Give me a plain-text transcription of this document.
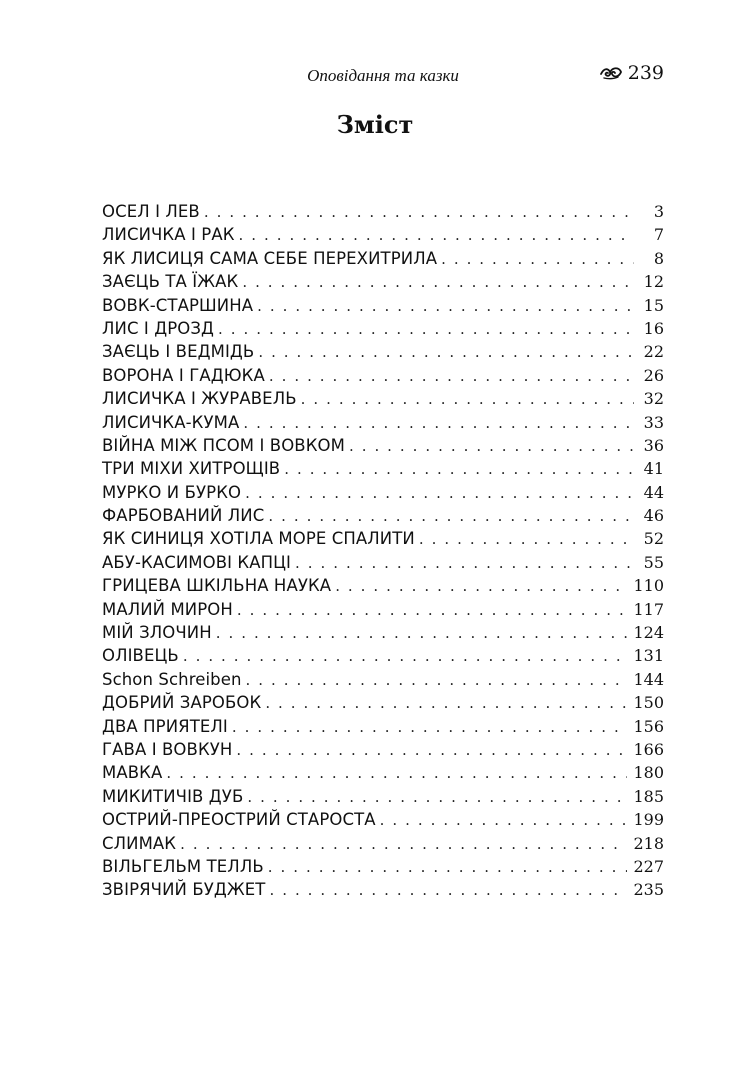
Оповідання та казки	239
Зміст
ОСЕЛ І ЛЕВ . . .	3
ЛИСИЧКА І РАК . . .	7
ЯК ЛИСИЦЯ САМА СЕБЕ ПЕРЕХИТРИЛА . . .	8
ЗАЄЦЬ ТА ЇЖАК . . .	12
ВОВК-СТАРШИНА . . .	15
ЛИС І ДРОЗД . . .	16
ЗАЄЦЬ І ВЕДМІДЬ . . .	22
ВОРОНА І ГАДЮКА . . .	26
ЛИСИЧКА І ЖУРАВЕЛЬ . . .	32
ЛИСИЧКА-КУМА . . .	33
ВІЙНА МІЖ ПСОМ І ВОВКОМ . . .	36
ТРИ МІХИ ХИТРОЩІВ . . .	41
МУРКО И БУРКО . . .	44
ФАРБОВАНИЙ ЛИС . . .	46
ЯК СИНИЦЯ ХОТІЛА МОРЕ СПАЛИТИ . . .	52
АБУ-КАСИМОВІ КАПЦІ . . .	55
ГРИЦЕВА ШКІЛЬНА НАУКА . . .	110
МАЛИЙ МИРОН . . .	117
МІЙ ЗЛОЧИН . . .	124
ОЛІВЕЦЬ . . .	131
Schon Schreiben . . .	144
ДОБРИЙ ЗАРОБОК . . .	150
ДВА ПРИЯТЕЛІ . . .	156
ГАВА І ВОВКУН . . .	166
МАВКА . . .	180
МИКИТИЧІВ ДУБ . . .	185
ОСТРИЙ-ПРЕОСТРИЙ СТАРОСТА . . .	199
СЛИМАК . . .	218
ВІЛЬГЕЛЬМ ТЕЛЛЬ . . .	227
ЗВІРЯЧИЙ БУДЖЕТ . . .	235
